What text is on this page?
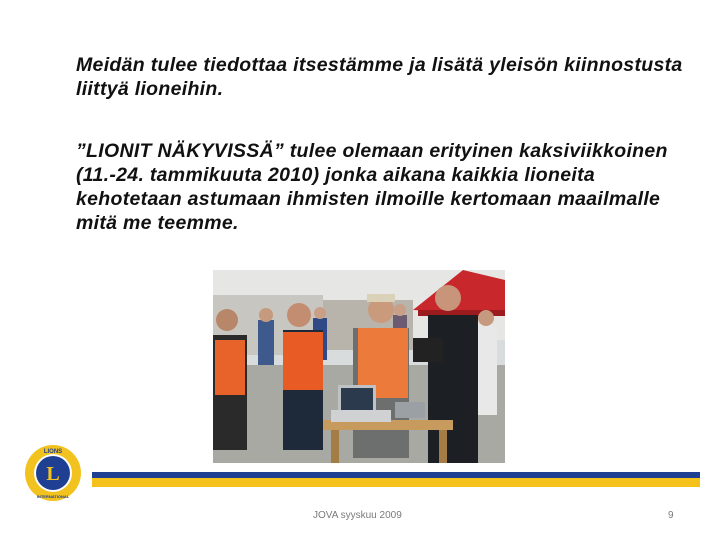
Meidän tulee tiedottaa itsestämme ja lisätä yleisön kiinnostusta liittyä lioneihin.

”LIONIT NÄKYVISSÄ” tulee olemaan erityinen kaksiviikkoinen (11.-24. tammikuuta 2010) jonka aikana kaikkia lioneita kehotetaan astumaan ihmisten ilmoille kertomaan maailmalle mitä me teemme.

L
LIONS
INTERNATIONAL
JOVA syyskuu 2009	9
